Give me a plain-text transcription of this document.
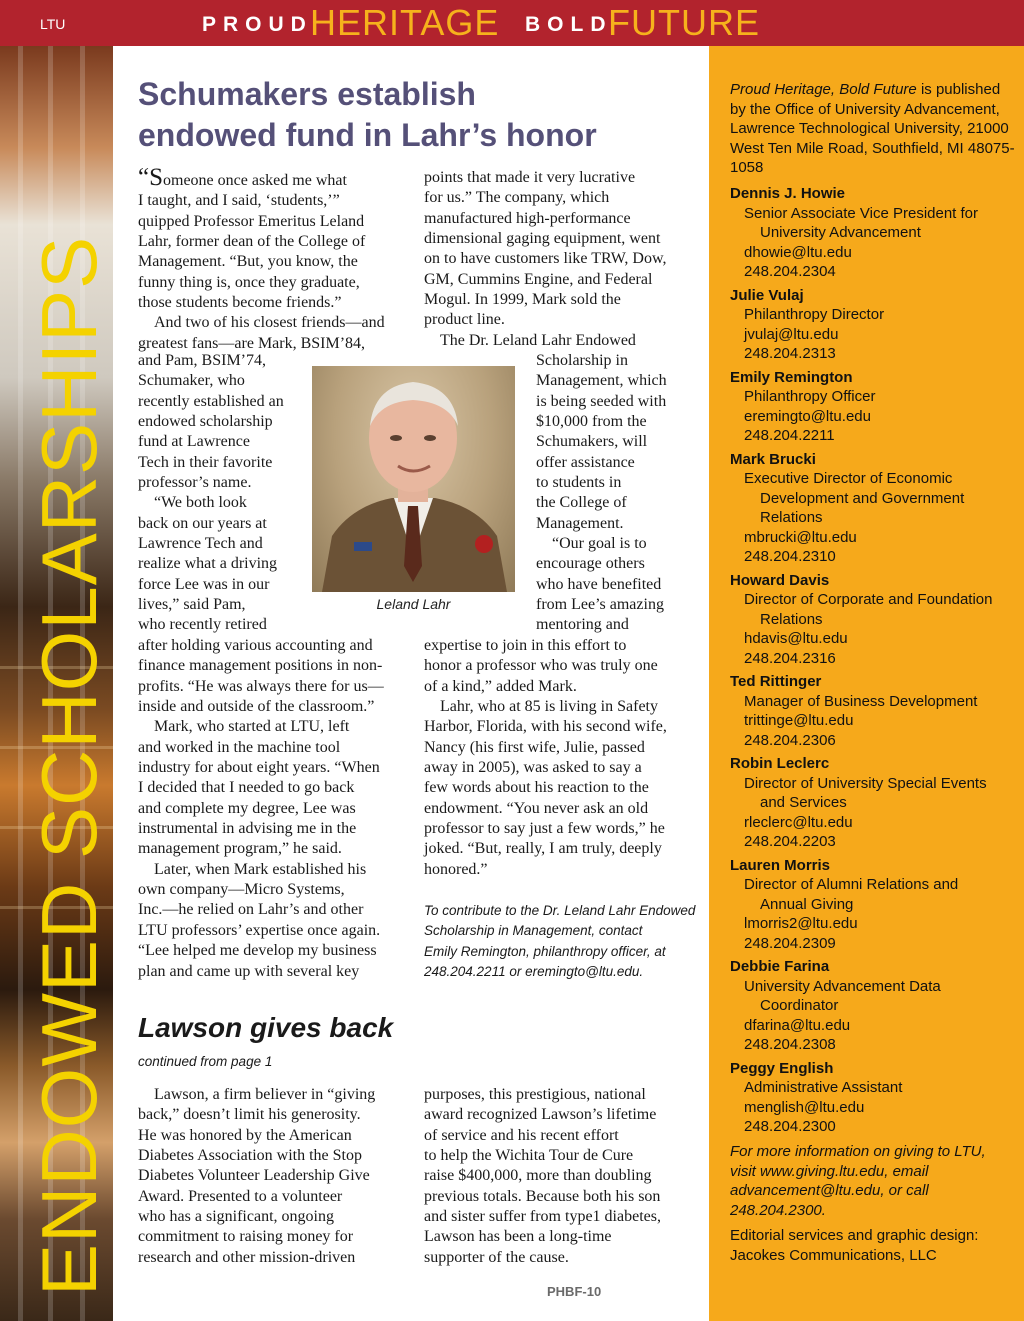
LTU	PROUD
HERITAGE BOLD
FUTURE
ENDOWED SCHOLARSHIPS
Schumakers establish
endowed fund in Lahr’s honor

“Someone once asked me what

I taught, and I said, ‘students,’”

quipped Professor Emeritus Leland

Lahr, former dean of the College of

Management. “But, you know, the

funny thing is, once they graduate,

those students become friends.”

And two of his closest friends—and

greatest fans—are Mark, BSIM’84,

and Pam, BSIM’74,

Schumaker, who

recently established an

endowed scholarship

fund at Lawrence

Tech in their favorite

professor’s name.

“We both look

back on our years at

Lawrence Tech and

realize what a driving

force Lee was in our

lives,” said Pam,

who recently retired

after holding various accounting and

finance management positions in non-

profits. “He was always there for us—

inside and outside of the classroom.”

Mark, who started at LTU, left

and worked in the machine tool

industry for about eight years. “When

I decided that I needed to go back

and complete my degree, Lee was

instrumental in advising me in the

management program,” he said.

Later, when Mark established his

own company—Micro Systems,

Inc.—he relied on Lahr’s and other

LTU professors’ expertise once again.

“Lee helped me develop my business

plan and came up with several key

points that made it very lucrative

for us.” The company, which

manufactured high-performance

dimensional gaging equipment, went

on to have customers like TRW, Dow,

GM, Cummins Engine, and Federal

Mogul. In 1999, Mark sold the

product line.

The Dr. Leland Lahr Endowed

Scholarship in

Management, which

is being seeded with

$10,000 from the

Schumakers, will

offer assistance

to students in

the College of

Management.

“Our goal is to

encourage others

who have benefited

from Lee’s amazing

mentoring and

expertise to join in this effort to

honor a professor who was truly one

of a kind,” added Mark.

Lahr, who at 85 is living in Safety

Harbor, Florida, with his second wife,

Nancy (his first wife, Julie, passed

away in 2005), was asked to say a

few words about his reaction to the

endowment. “You never ask an old

professor to say just a few words,” he

joked. “But, really, I am truly, deeply

honored.”

Leland Lahr
To contribute to the Dr. Leland Lahr Endowed
Scholarship in Management, contact
Emily Remington, philanthropy officer, at
248.204.2211 or eremingto@ltu.edu.
Lawson gives back
continued from page 1

Lawson, a firm believer in “giving

back,” doesn’t limit his generosity.

He was honored by the American

Diabetes Association with the Stop

Diabetes Volunteer Leadership Give

Award. Presented to a volunteer

who has a significant, ongoing

commitment to raising money for

research and other mission-driven

purposes, this prestigious, national

award recognized Lawson’s lifetime

of service and his recent effort

to help the Wichita Tour de Cure

raise $400,000, more than doubling

previous totals. Because both his son

and sister suffer from type1 diabetes,

Lawson has been a long-time

supporter of the cause.

PHBF-10
Proud Heritage, Bold Future is published by the Office of University Advancement, Lawrence Technological University, 21000 West Ten Mile Road, Southfield, MI 48075-1058
Dennis J. Howie
Senior Associate Vice President for
University Advancement
dhowie@ltu.edu
248.204.2304
Julie Vulaj
Philanthropy Director
jvulaj@ltu.edu
248.204.2313
Emily Remington
Philanthropy Officer
eremingto@ltu.edu
248.204.2211
Mark Brucki
Executive Director of Economic
Development and Government
Relations
mbrucki@ltu.edu
248.204.2310
Howard Davis
Director of Corporate and Foundation
Relations
hdavis@ltu.edu
248.204.2316
Ted Rittinger
Manager of Business Development
trittinge@ltu.edu
248.204.2306
Robin Leclerc
Director of University Special Events
and Services
rleclerc@ltu.edu
248.204.2203
Lauren Morris
Director of Alumni Relations and
Annual Giving
lmorris2@ltu.edu
248.204.2309
Debbie Farina
University Advancement Data
Coordinator
dfarina@ltu.edu
248.204.2308
Peggy English
Administrative Assistant
menglish@ltu.edu
248.204.2300
For more information on giving to LTU, visit www.giving.ltu.edu, email advancement@ltu.edu, or call 248.204.2300.
Editorial services and graphic design: Jacokes Communications, LLC
